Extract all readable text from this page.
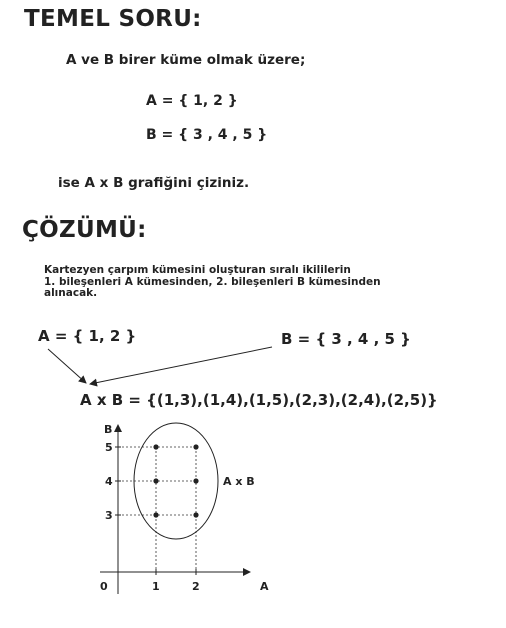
TEMEL SORU:
A ve B birer küme olmak üzere;
A = { 1, 2 }
B = { 3 , 4 , 5 }
ise A x B grafiğini çiziniz.
ÇÖZÜMÜ:
Kartezyen çarpım kümesini oluşturan sıralı ikililerin
1. bileşenleri A kümesinden, 2. bileşenleri B kümesinden
alınacak.
A = { 1, 2 }	B = { 3 , 4 , 5 }
A x B = {(1,3),(1,4),(1,5),(2,3),(2,4),(2,5)}
B
A
0
5
4
3
1	2
A x B
